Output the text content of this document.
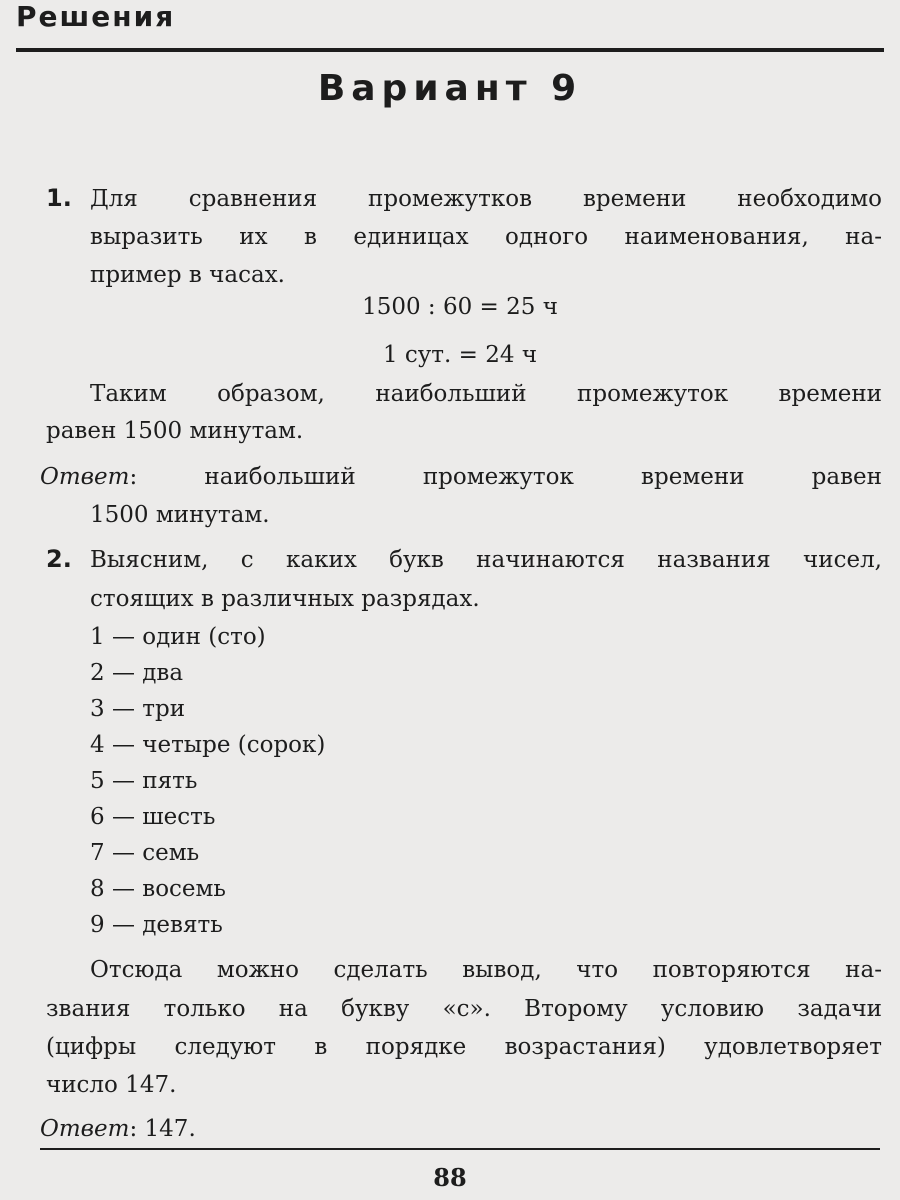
Решения
Вариант 9
1. Для сравнения промежутков времени необходимо
выразить их в единицах одного наименования, на-
пример в часах.
1500 : 60 = 25 ч
1 сут. = 24 ч
Таким образом, наибольший промежуток времени
равен 1500 минутам.
Ответ: наибольший промежуток времени равен
1500 минутам.
2. Выясним, с каких букв начинаются названия чисел,
стоящих в различных разрядах.
1 — один (сто)
2 — два
3 — три
4 — четыре (сорок)
5 — пять
6 — шесть
7 — семь
8 — восемь
9 — девять
Отсюда можно сделать вывод, что повторяются на-
звания только на букву «с». Второму условию задачи
(цифры следуют в порядке возрастания) удовлетворяет
число 147.
Ответ: 147.
88
